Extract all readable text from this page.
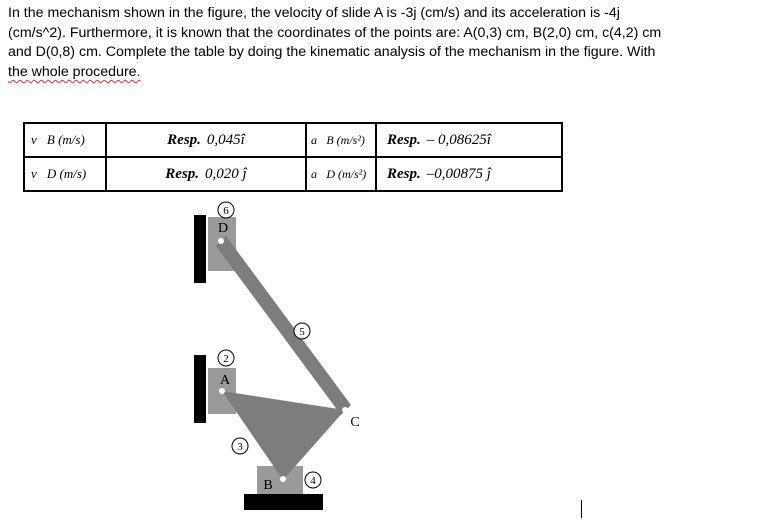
In the mechanism shown in the figure, the velocity of slide A is -3j (cm/s) and its acceleration is -4j
(cm/s^2). Furthermore, it is known that the coordinates of the points are: A(0,3) cm, B(2,0) cm, c(4,2) cm
and D(0,8) cm. Complete the table by doing the kinematic analysis of the mechanism in the figure. With
the whole procedure.
v⃗B (m/s)	Resp. 0,045î	a⃗B (m/s²)	Resp. – 0,08625î
v⃗D (m/s)	Resp. 0,020 ĵ	a⃗D (m/s²)	Resp. –0,00875 ĵ
6
5
2
3
4
D
A
C
B
